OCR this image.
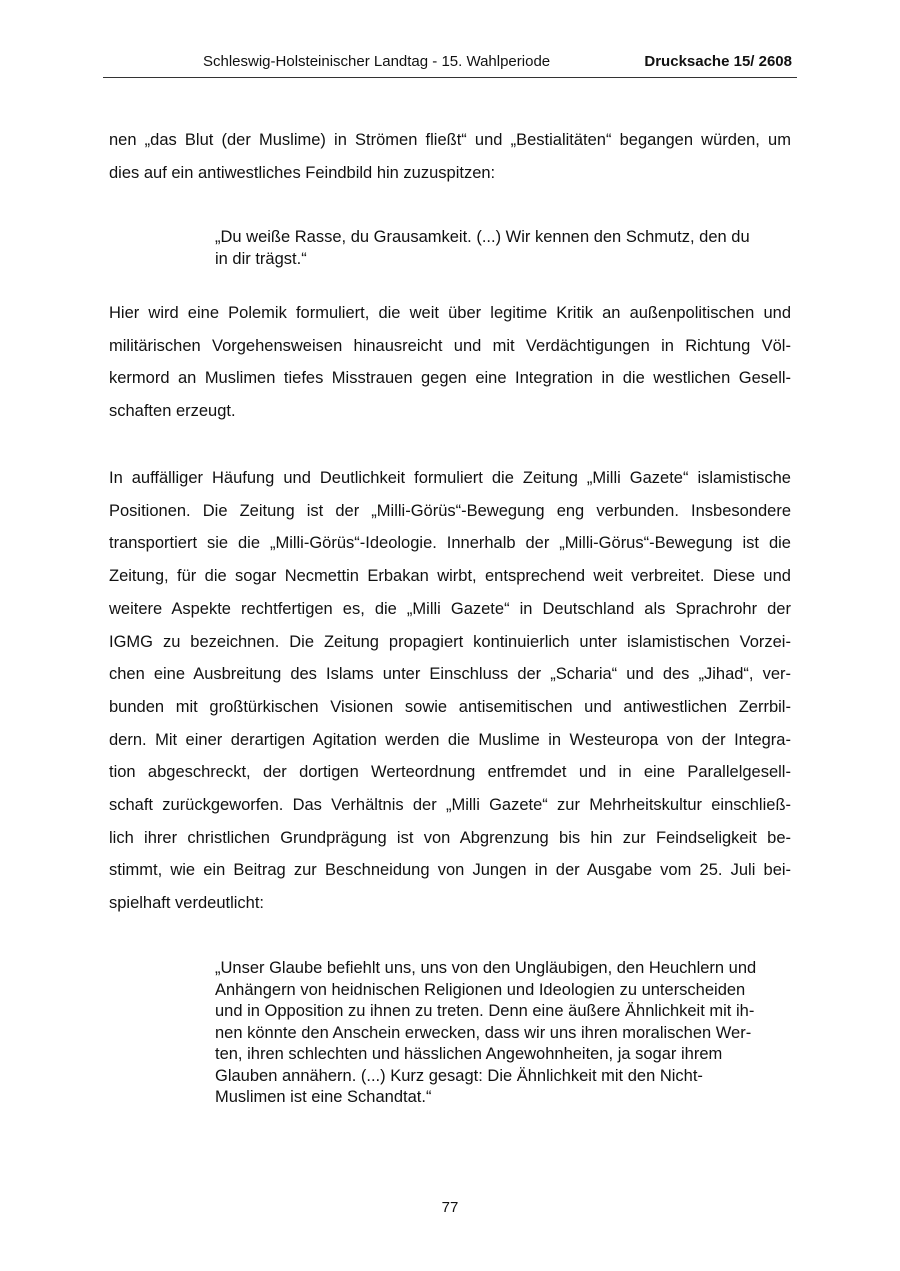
Schleswig-Holsteinischer Landtag - 15. Wahlperiode	Drucksache 15/ 2608

nen „das Blut (der Muslime) in Strömen fließt“ und „Bestialitäten“ begangen würden, um
dies auf ein antiwestliches Feindbild hin zuzuspitzen:

„Du weiße Rasse, du Grausamkeit. (...) Wir kennen den Schmutz, den du
in dir trägst.“

Hier wird eine Polemik formuliert, die weit über legitime Kritik an außenpolitischen und
militärischen Vorgehensweisen hinausreicht und mit Verdächtigungen in Richtung Völ-
kermord an Muslimen tiefes Misstrauen gegen eine Integration in die westlichen Gesell-
schaften erzeugt.

In auffälliger Häufung und Deutlichkeit formuliert die Zeitung „Milli Gazete“ islamistische
Positionen. Die Zeitung ist der „Milli-Görüs“-Bewegung eng verbunden. Insbesondere
transportiert sie die „Milli-Görüs“-Ideologie. Innerhalb der „Milli-Görus“-Bewegung ist die
Zeitung, für die sogar Necmettin Erbakan wirbt, entsprechend weit verbreitet. Diese und
weitere Aspekte rechtfertigen es, die „Milli Gazete“ in Deutschland als Sprachrohr der
IGMG zu bezeichnen. Die Zeitung propagiert kontinuierlich unter islamistischen Vorzei-
chen eine Ausbreitung des Islams unter Einschluss der „Scharia“ und des „Jihad“, ver-
bunden mit großtürkischen Visionen sowie antisemitischen und antiwestlichen Zerrbil-
dern. Mit einer derartigen Agitation werden die Muslime in Westeuropa von der Integra-
tion abgeschreckt, der dortigen Werteordnung entfremdet und in eine Parallelgesell-
schaft zurückgeworfen. Das Verhältnis der „Milli Gazete“ zur Mehrheitskultur einschließ-
lich ihrer christlichen Grundprägung ist von Abgrenzung bis hin zur Feindseligkeit be-
stimmt, wie ein Beitrag zur Beschneidung von Jungen in der Ausgabe vom 25. Juli bei-
spielhaft verdeutlicht:

„Unser Glaube befiehlt uns, uns von den Ungläubigen, den Heuchlern und
Anhängern von heidnischen Religionen und Ideologien zu unterscheiden
und in Opposition zu ihnen zu treten. Denn eine äußere Ähnlichkeit mit ih-
nen könnte den Anschein erwecken, dass wir uns ihren moralischen Wer-
ten, ihren schlechten und hässlichen Angewohnheiten, ja sogar ihrem
Glauben annähern. (...) Kurz gesagt: Die Ähnlichkeit mit den Nicht-
Muslimen ist eine Schandtat.“
77
